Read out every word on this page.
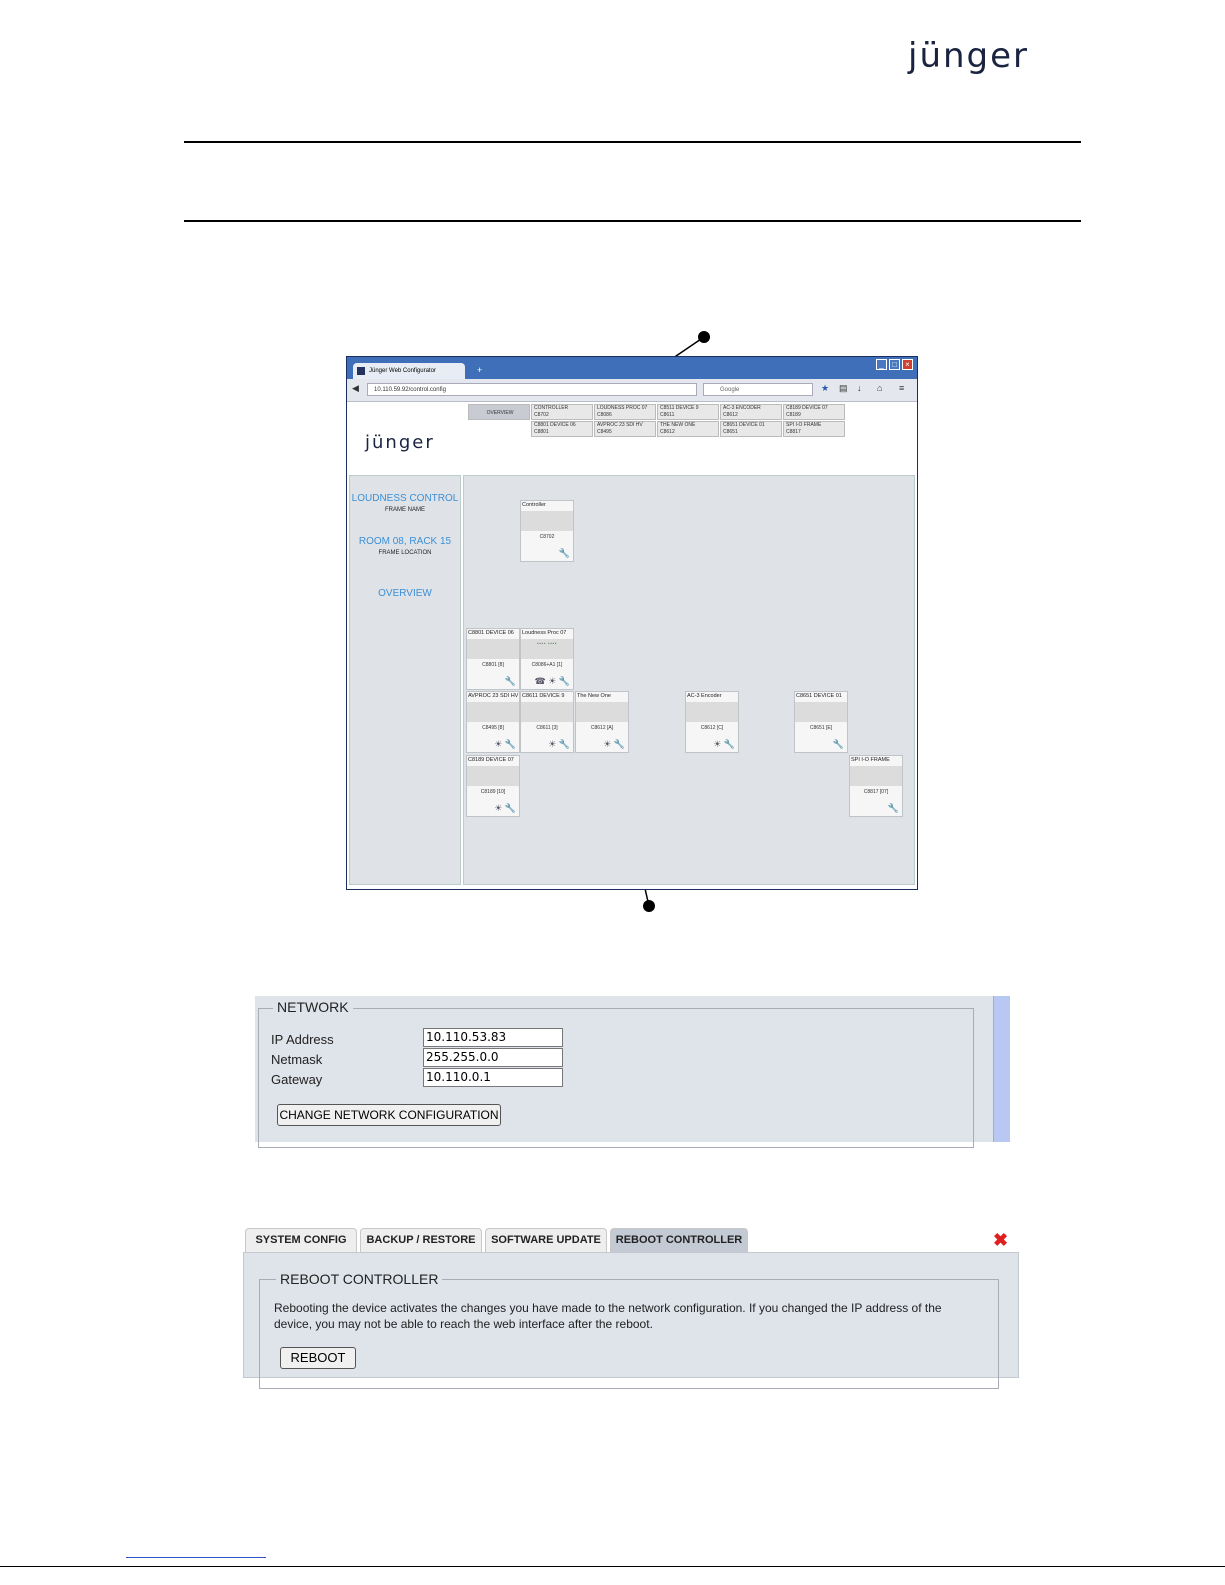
jünger
Jünger Web Configurator	+
_	□	×
◀	10.110.59.92/control.config	Google	★ ▤ ↓ ⌂ ≡
OVERVIEW
CONTROLLER
C8702
LOUDNESS PROC 07
C8086
C8511 DEVICE 9
C8611
AC-3 ENCODER
C8612
C8189 DEVICE 07
C8189
C8801 DEVICE 06
C8801
AVPROC 23 SDI HV
C8495
THE NEW ONE
C8612
C8651 DEVICE 01
C8651
SPI I-O FRAME
C8817
jünger
LOUDNESS CONTROL
FRAME NAME
ROOM 08, RACK 15
FRAME LOCATION
OVERVIEW
Controller
C8702
🔧
C8801 DEVICE 06
C8801 [8]
🔧
Loudness Proc 07
▪▪▪▪ ▪▪▪▪
C8086+A1 [1]
☎ ☀ 🔧
AVPROC 23 SDI HV
C8495 [8]
☀ 🔧
C8611 DEVICE 9
C8611 [3]
☀ 🔧
The New One
C8612 [A]
☀ 🔧
AC-3 Encoder
C8612 [C]
☀ 🔧
C8651 DEVICE 01
C8651 [E]
🔧
C8189 DEVICE 07
C8189 [10]
☀ 🔧
SPI I-O FRAME
C8817 [07]
🔧
NETWORK
IP Address	10.110.53.83
Netmask	255.255.0.0
Gateway	10.110.0.1
CHANGE NETWORK CONFIGURATION
SYSTEM CONFIG	BACKUP / RESTORE	SOFTWARE UPDATE	REBOOT CONTROLLER
REBOOT CONTROLLER
Rebooting the device activates the changes you have made to the network configuration. If you changed the IP address of the
device, you may not be able to reach the web interface after the reboot.
REBOOT
✖
